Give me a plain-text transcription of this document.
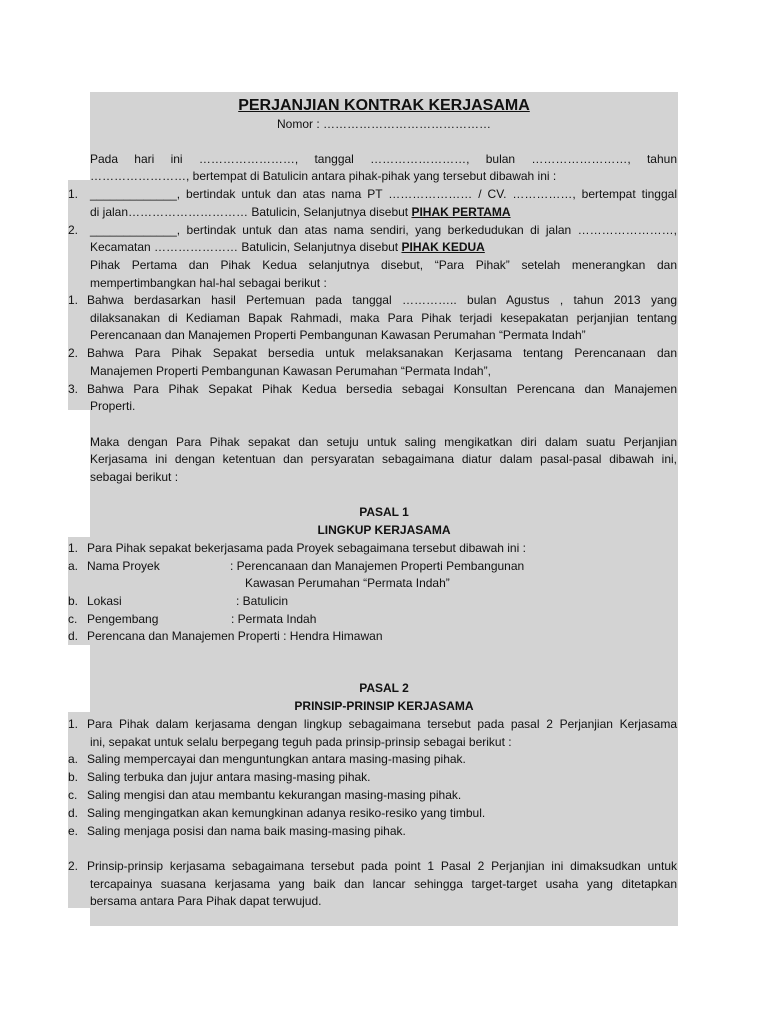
PERJANJIAN KONTRAK KERJASAMA
Nomor : ……………………………………
Pada hari ini ……………………, tanggal ……………………, bulan ……………………, tahun
……………………, bertempat di Batulicin antara pihak-pihak yang tersebut dibawah ini :
1. _____________, bertindak untuk dan atas nama PT ………………… / CV. ……………, bertempat tinggal
di jalan………………………… Batulicin, Selanjutnya disebut PIHAK PERTAMA
2. _____________, bertindak untuk dan atas nama sendiri, yang berkedudukan di jalan ……………………,
Kecamatan ………………… Batulicin, Selanjutnya disebut PIHAK KEDUA
Pihak Pertama dan Pihak Kedua selanjutnya disebut, “Para Pihak” setelah menerangkan dan
mempertimbangkan hal-hal sebagai berikut :
1. Bahwa berdasarkan hasil Pertemuan pada tanggal ………….. bulan Agustus , tahun 2013 yang
dilaksanakan di Kediaman Bapak Rahmadi, maka Para Pihak terjadi kesepakatan perjanjian tentang
Perencanaan dan Manajemen Properti Pembangunan Kawasan Perumahan “Permata Indah”
2. Bahwa Para Pihak Sepakat bersedia untuk melaksanakan Kerjasama tentang Perencanaan dan
Manajemen Properti Pembangunan Kawasan Perumahan “Permata Indah”,
3. Bahwa Para Pihak Sepakat Pihak Kedua bersedia sebagai Konsultan Perencana dan Manajemen
Properti.
Maka dengan Para Pihak sepakat dan setuju untuk saling mengikatkan diri dalam suatu Perjanjian
Kerjasama ini dengan ketentuan dan persyaratan sebagaimana diatur dalam pasal-pasal dibawah ini,
sebagai berikut :
PASAL 1
LINGKUP KERJASAMA
1. Para Pihak sepakat bekerjasama pada Proyek sebagaimana tersebut dibawah ini :
a. Nama Proyek	: Perencanaan dan Manajemen Properti Pembangunan
Kawasan Perumahan “Permata Indah”
b. Lokasi	: Batulicin
c. Pengembang	: Permata Indah
d. Perencana dan Manajemen Properti : Hendra Himawan
PASAL 2
PRINSIP-PRINSIP KERJASAMA
1. Para Pihak dalam kerjasama dengan lingkup sebagaimana tersebut pada pasal 2 Perjanjian Kerjasama
ini, sepakat untuk selalu berpegang teguh pada prinsip-prinsip sebagai berikut :
a. Saling mempercayai dan menguntungkan antara masing-masing pihak.
b. Saling terbuka dan jujur antara masing-masing pihak.
c. Saling mengisi dan atau membantu kekurangan masing-masing pihak.
d. Saling mengingatkan akan kemungkinan adanya resiko-resiko yang timbul.
e. Saling menjaga posisi dan nama baik masing-masing pihak.
2. Prinsip-prinsip kerjasama sebagaimana tersebut pada point 1 Pasal 2 Perjanjian ini dimaksudkan untuk
tercapainya suasana kerjasama yang baik dan lancar sehingga target-target usaha yang ditetapkan
bersama antara Para Pihak dapat terwujud.
